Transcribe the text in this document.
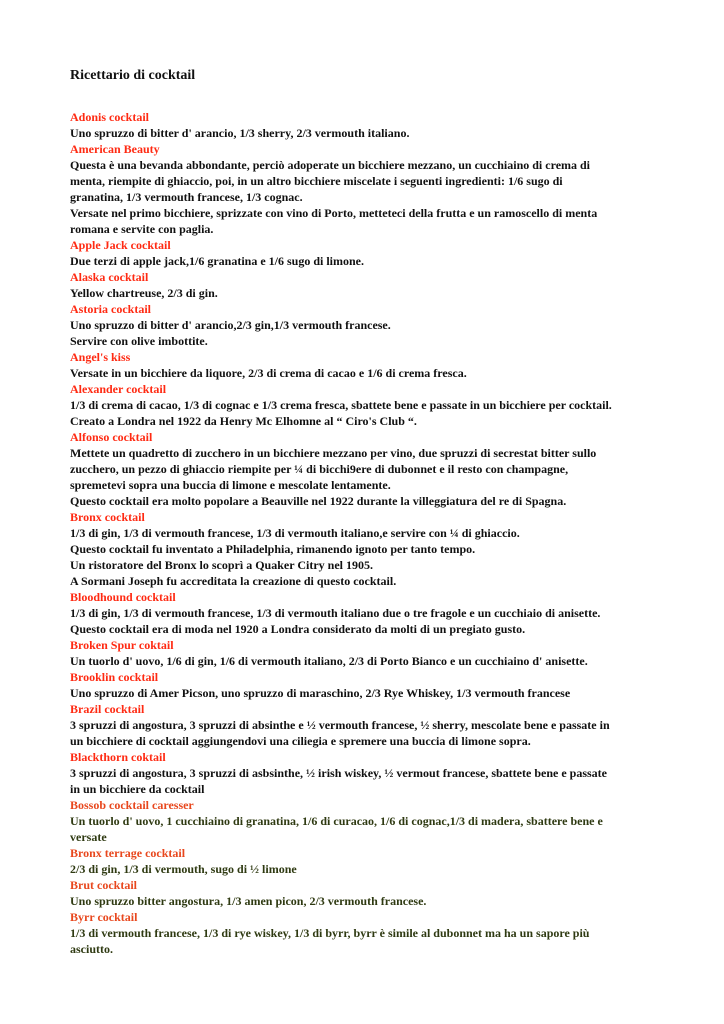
Ricettario di cocktail
Adonis cocktail
Uno spruzzo di bitter d' arancio, 1/3 sherry, 2/3 vermouth italiano.
American Beauty
Questa è una bevanda abbondante, perciò adoperate un bicchiere mezzano, un cucchiaino di crema di
menta, riempite di ghiaccio, poi, in un altro bicchiere miscelate i seguenti ingredienti: 1/6 sugo di
granatina, 1/3 vermouth francese, 1/3 cognac.
Versate nel primo bicchiere, sprizzate con vino di Porto, metteteci della frutta e un ramoscello di menta
romana e servite con paglia.
Apple Jack cocktail
Due terzi di apple jack,1/6 granatina e 1/6 sugo di limone.
Alaska cocktail
Yellow chartreuse, 2/3 di gin.
Astoria cocktail
Uno spruzzo di bitter d' arancio,2/3 gin,1/3 vermouth francese.
Servire con olive imbottite.
Angel's kiss
Versate in un bicchiere da liquore, 2/3 di crema di cacao e 1/6 di crema fresca.
Alexander cocktail
1/3 di crema di cacao, 1/3 di cognac e 1/3 crema fresca, sbattete bene e passate in un bicchiere per cocktail.
Creato a Londra nel 1922 da Henry Mc Elhomne al “ Ciro's Club “.
Alfonso cocktail
Mettete un quadretto di zucchero in un bicchiere mezzano per vino, due spruzzi di secrestat bitter sullo
zucchero, un pezzo di ghiaccio riempite per ¼ di bicchi9ere di dubonnet e il resto con champagne,
spremetevi sopra una buccia di limone e mescolate lentamente.
Questo cocktail era molto popolare a Beauville nel 1922 durante la villeggiatura del re di Spagna.
Bronx cocktail
1/3 di gin, 1/3 di vermouth francese, 1/3 di vermouth italiano,e servire con ¼ di ghiaccio.
Questo cocktail fu inventato a Philadelphia, rimanendo ignoto per tanto tempo.
Un ristoratore del Bronx lo scoprì a Quaker Citry nel 1905.
A Sormani Joseph fu accreditata la creazione di questo cocktail.
Bloodhound cocktail
1/3 di gin, 1/3 di vermouth francese, 1/3 di vermouth italiano due o tre fragole e un cucchiaio di anisette.
Questo cocktail era di moda nel 1920 a Londra considerato da molti di un pregiato gusto.
Broken Spur coktail
Un tuorlo d' uovo, 1/6 di gin, 1/6 di vermouth italiano, 2/3 di Porto Bianco e un cucchiaino d' anisette.
Brooklin cocktail
Uno spruzzo di Amer Picson, uno spruzzo di maraschino, 2/3 Rye Whiskey, 1/3 vermouth francese
Brazil cocktail
3 spruzzi di angostura, 3 spruzzi di absinthe e ½ vermouth francese, ½ sherry, mescolate bene e passate in
un bicchiere di cocktail aggiungendovi una ciliegia e spremere una buccia di limone sopra.
Blackthorn coktail
3 spruzzi di angostura, 3 spruzzi di asbsinthe, ½ irish wiskey, ½ vermout francese, sbattete bene e passate
in un bicchiere da cocktail
Bossob cocktail caresser
Un tuorlo d' uovo, 1 cucchiaino di granatina, 1/6 di curacao, 1/6 di cognac,1/3 di madera, sbattere bene e
versate
Bronx terrage cocktail
2/3 di gin, 1/3 di vermouth, sugo di ½ limone
Brut cocktail
Uno spruzzo bitter angostura, 1/3 amen picon, 2/3 vermouth francese.
Byrr cocktail
1/3 di vermouth francese, 1/3 di rye wiskey, 1/3 di byrr, byrr è simile al dubonnet ma ha un sapore più
asciutto.
